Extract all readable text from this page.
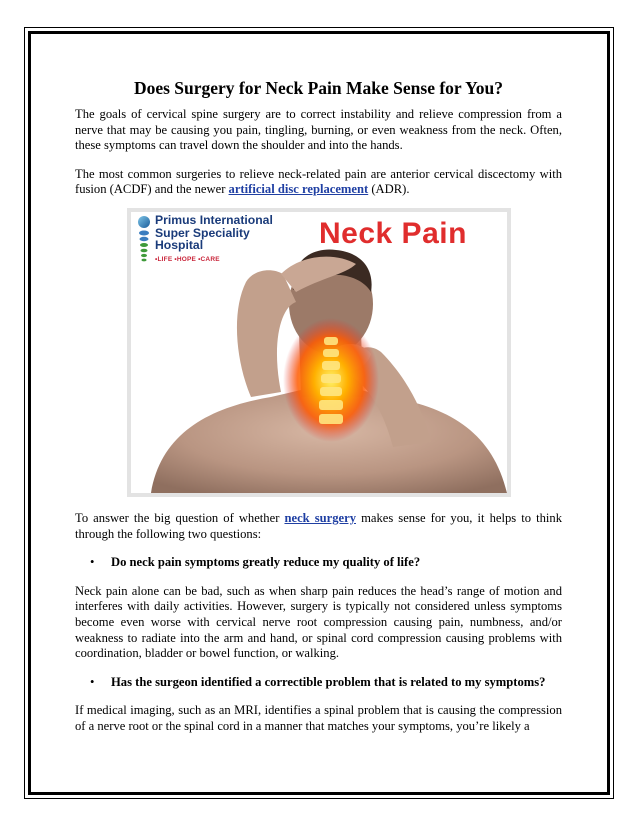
Does Surgery for Neck Pain Make Sense for You?

The goals of cervical spine surgery are to correct instability and relieve compression from a nerve that may be causing you pain, tingling, burning, or even weakness from the neck. Often, these symptoms can travel down the shoulder and into the hands.

The most common surgeries to relieve neck-related pain are anterior cervical discectomy with fusion (ACDF) and the newer artificial disc replacement (ADR).

Primus International
Super Speciality
Hospital
•LIFE •HOPE •CARE
Neck Pain

To answer the big question of whether neck surgery makes sense for you, it helps to think through the following two questions:

• Do neck pain symptoms greatly reduce my quality of life?

Neck pain alone can be bad, such as when sharp pain reduces the head’s range of motion and interferes with daily activities. However, surgery is typically not considered unless symptoms become even worse with cervical nerve root compression causing pain, numbness, and/or weakness to radiate into the arm and hand, or spinal cord compression causing problems with coordination, bladder or bowel function, or walking.

• Has the surgeon identified a correctible problem that is related to my symptoms?

If medical imaging, such as an MRI, identifies a spinal problem that is causing the compression of a nerve root or the spinal cord in a manner that matches your symptoms, you’re likely a
